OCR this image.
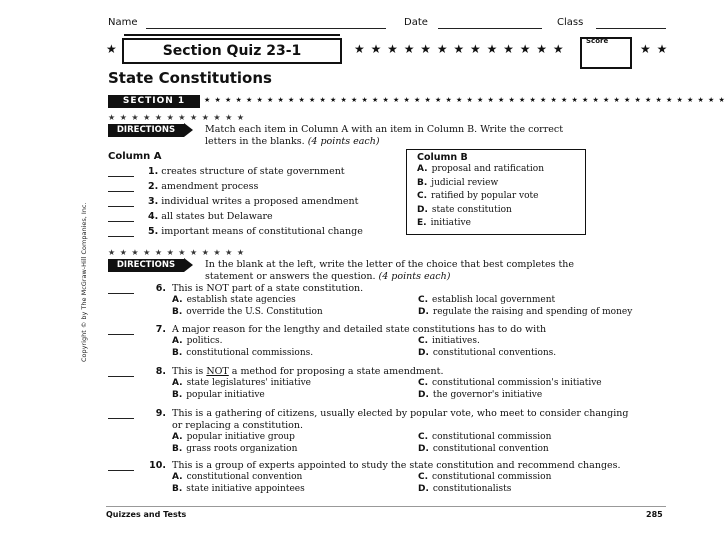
Name	Date	Class
★	Section Quiz 23-1	★ ★ ★ ★ ★ ★ ★ ★ ★ ★ ★ ★ ★
Score
★ ★
State Constitutions
SECTION 1	★ ★ ★ ★ ★ ★ ★ ★ ★ ★ ★ ★ ★ ★ ★ ★ ★ ★ ★ ★ ★ ★ ★ ★ ★ ★ ★ ★ ★ ★ ★ ★ ★ ★ ★ ★ ★ ★ ★ ★ ★ ★ ★ ★ ★ ★ ★ ★ ★ ★
★ ★ ★ ★ ★ ★ ★ ★ ★ ★ ★ ★
DIRECTIONS	Match each item in Column A with an item in Column B. Write the correct
letters in the blanks. (4 points each)
Column A
1. creates structure of state government
2. amendment process
3. individual writes a proposed amendment
4. all states but Delaware
5. important means of constitutional change
Column B
A. proposal and ratification
B. judicial review
C. ratified by popular vote
D. state constitution
E. initiative
★ ★ ★ ★ ★ ★ ★ ★ ★ ★ ★ ★
DIRECTIONS	In the blank at the left, write the letter of the choice that best completes the
statement or answers the question. (4 points each)
6. This is NOT part of a state constitution.
A. establish state agencies	C. establish local government
B. override the U.S. Constitution	D. regulate the raising and spending of money
7. A major reason for the lengthy and detailed state constitutions has to do with
A. politics.	C. initiatives.
B. constitutional commissions.	D. constitutional conventions.
8. This is NOT a method for proposing a state amendment.
A. state legislatures' initiative	C. constitutional commission's initiative
B. popular initiative	D. the governor's initiative
9. This is a gathering of citizens, usually elected by popular vote, who meet to consider changing
or replacing a constitution.
A. popular initiative group	C. constitutional commission
B. grass roots organization	D. constitutional convention
10. This is a group of experts appointed to study the state constitution and recommend changes.
A. constitutional convention	C. constitutional commission
B. state initiative appointees	D. constitutionalists
Copyright © by The McGraw-Hill Companies, Inc.
Quizzes and Tests	285
